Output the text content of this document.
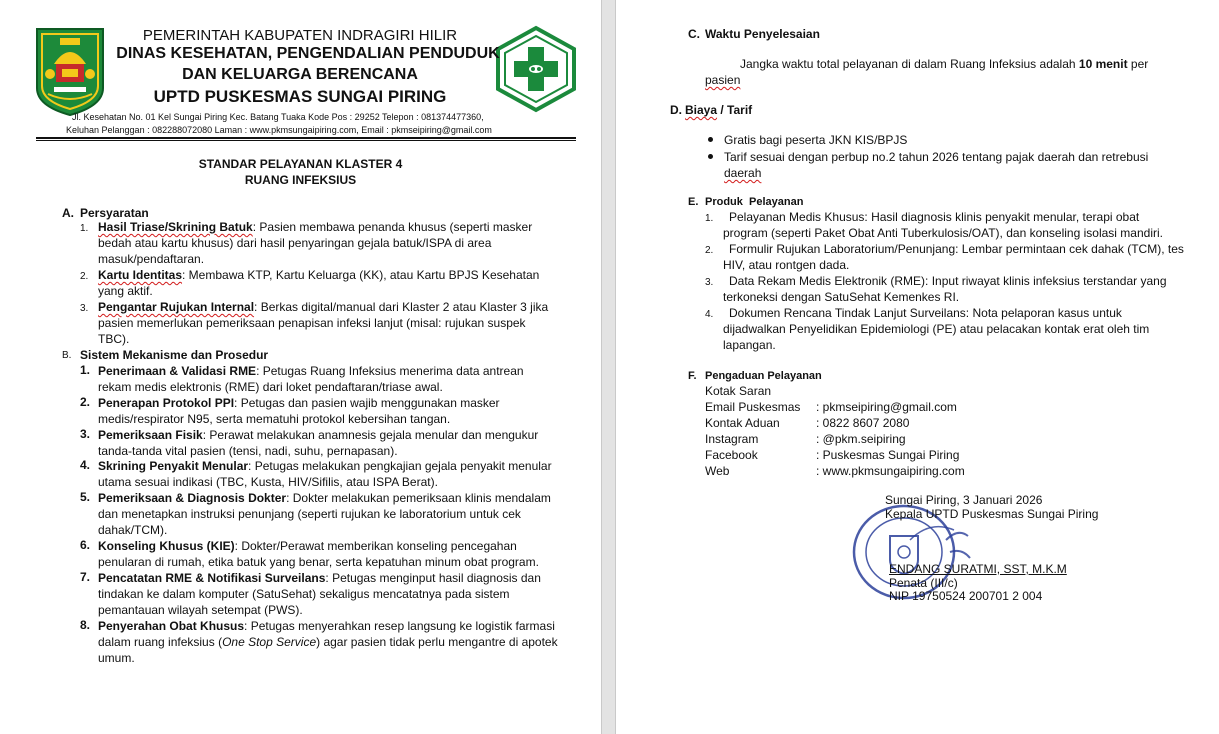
PEMERINTAH KABUPATEN INDRAGIRI HILIR
DINAS KESEHATAN, PENGENDALIAN PENDUDUK
DAN KELUARGA BERENCANA
UPTD PUSKESMAS SUNGAI PIRING
Jl. Kesehatan No. 01 Kel Sungai Piring Kec. Batang Tuaka Kode Pos : 29252 Telepon : 081374477360,
Keluhan Pelanggan : 082288072080 Laman : www.pkmsungaipiring.com, Email : pkmseipiring@gmail.com
STANDAR PELAYANAN KLASTER 4
RUANG INFEKSIUS
A. Persyaratan
1. Hasil Triase/Skrining Batuk: Pasien membawa penanda khusus (seperti masker
bedah atau kartu khusus) dari hasil penyaringan gejala batuk/ISPA di area
masuk/pendaftaran.
2. Kartu Identitas: Membawa KTP, Kartu Keluarga (KK), atau Kartu BPJS Kesehatan
yang aktif.
3. Pengantar Rujukan Internal: Berkas digital/manual dari Klaster 2 atau Klaster 3 jika
pasien memerlukan pemeriksaan penapisan infeksi lanjut (misal: rujukan suspek
TBC).
B. Sistem Mekanisme dan Prosedur
1. Penerimaan & Validasi RME: Petugas Ruang Infeksius menerima data antrean
rekam medis elektronis (RME) dari loket pendaftaran/triase awal.
2. Penerapan Protokol PPI: Petugas dan pasien wajib menggunakan masker
medis/respirator N95, serta mematuhi protokol kebersihan tangan.
3. Pemeriksaan Fisik: Perawat melakukan anamnesis gejala menular dan mengukur
tanda-tanda vital pasien (tensi, nadi, suhu, pernapasan).
4. Skrining Penyakit Menular: Petugas melakukan pengkajian gejala penyakit menular
utama sesuai indikasi (TBC, Kusta, HIV/Sifilis, atau ISPA Berat).
5. Pemeriksaan & Diagnosis Dokter: Dokter melakukan pemeriksaan klinis mendalam
dan menetapkan instruksi penunjang (seperti rujukan ke laboratorium untuk cek
dahak/TCM).
6. Konseling Khusus (KIE): Dokter/Perawat memberikan konseling pencegahan
penularan di rumah, etika batuk yang benar, serta kepatuhan minum obat program.
7. Pencatatan RME & Notifikasi Surveilans: Petugas menginput hasil diagnosis dan
tindakan ke dalam komputer (SatuSehat) sekaligus mencatatnya pada sistem
pemantauan wilayah setempat (PWS).
8. Penyerahan Obat Khusus: Petugas menyerahkan resep langsung ke logistik farmasi
dalam ruang infeksius (One Stop Service) agar pasien tidak perlu mengantre di apotek
umum.
C. Waktu Penyelesaian
Jangka waktu total pelayanan di dalam Ruang Infeksius adalah 10 menit per
pasien
D. Biaya / Tarif
Gratis bagi peserta JKN KIS/BPJS
Tarif sesuai dengan perbup no.2 tahun 2026 tentang pajak daerah dan retrebusi
daerah
E. Produk  Pelayanan
1.	Pelayanan Medis Khusus: Hasil diagnosis klinis penyakit menular, terapi obat
program (seperti Paket Obat Anti Tuberkulosis/OAT), dan konseling isolasi mandiri.
2.	Formulir Rujukan Laboratorium/Penunjang: Lembar permintaan cek dahak (TCM), tes
HIV, atau rontgen dada.
3.	Data Rekam Medis Elektronik (RME): Input riwayat klinis infeksius terstandar yang
terkoneksi dengan SatuSehat Kemenkes RI.
4.	Dokumen Rencana Tindak Lanjut Surveilans: Nota pelaporan kasus untuk
dijadwalkan Penyelidikan Epidemiologi (PE) atau pelacakan kontak erat oleh tim
lapangan.
F. Pengaduan Pelayanan
Kotak Saran
Email Puskesmas : pkmseipiring@gmail.com
Kontak Aduan	: 0822 8607 2080
Instagram	: @pkm.seipiring
Facebook	: Puskesmas Sungai Piring
Web	: www.pkmsungaipiring.com
Sungai Piring, 3 Januari 2026
Kepala UPTD Puskesmas Sungai Piring
ENDANG SURATMI, SST, M.K.M
Penata (III/c)
NIP 19750524 200701 2 004
